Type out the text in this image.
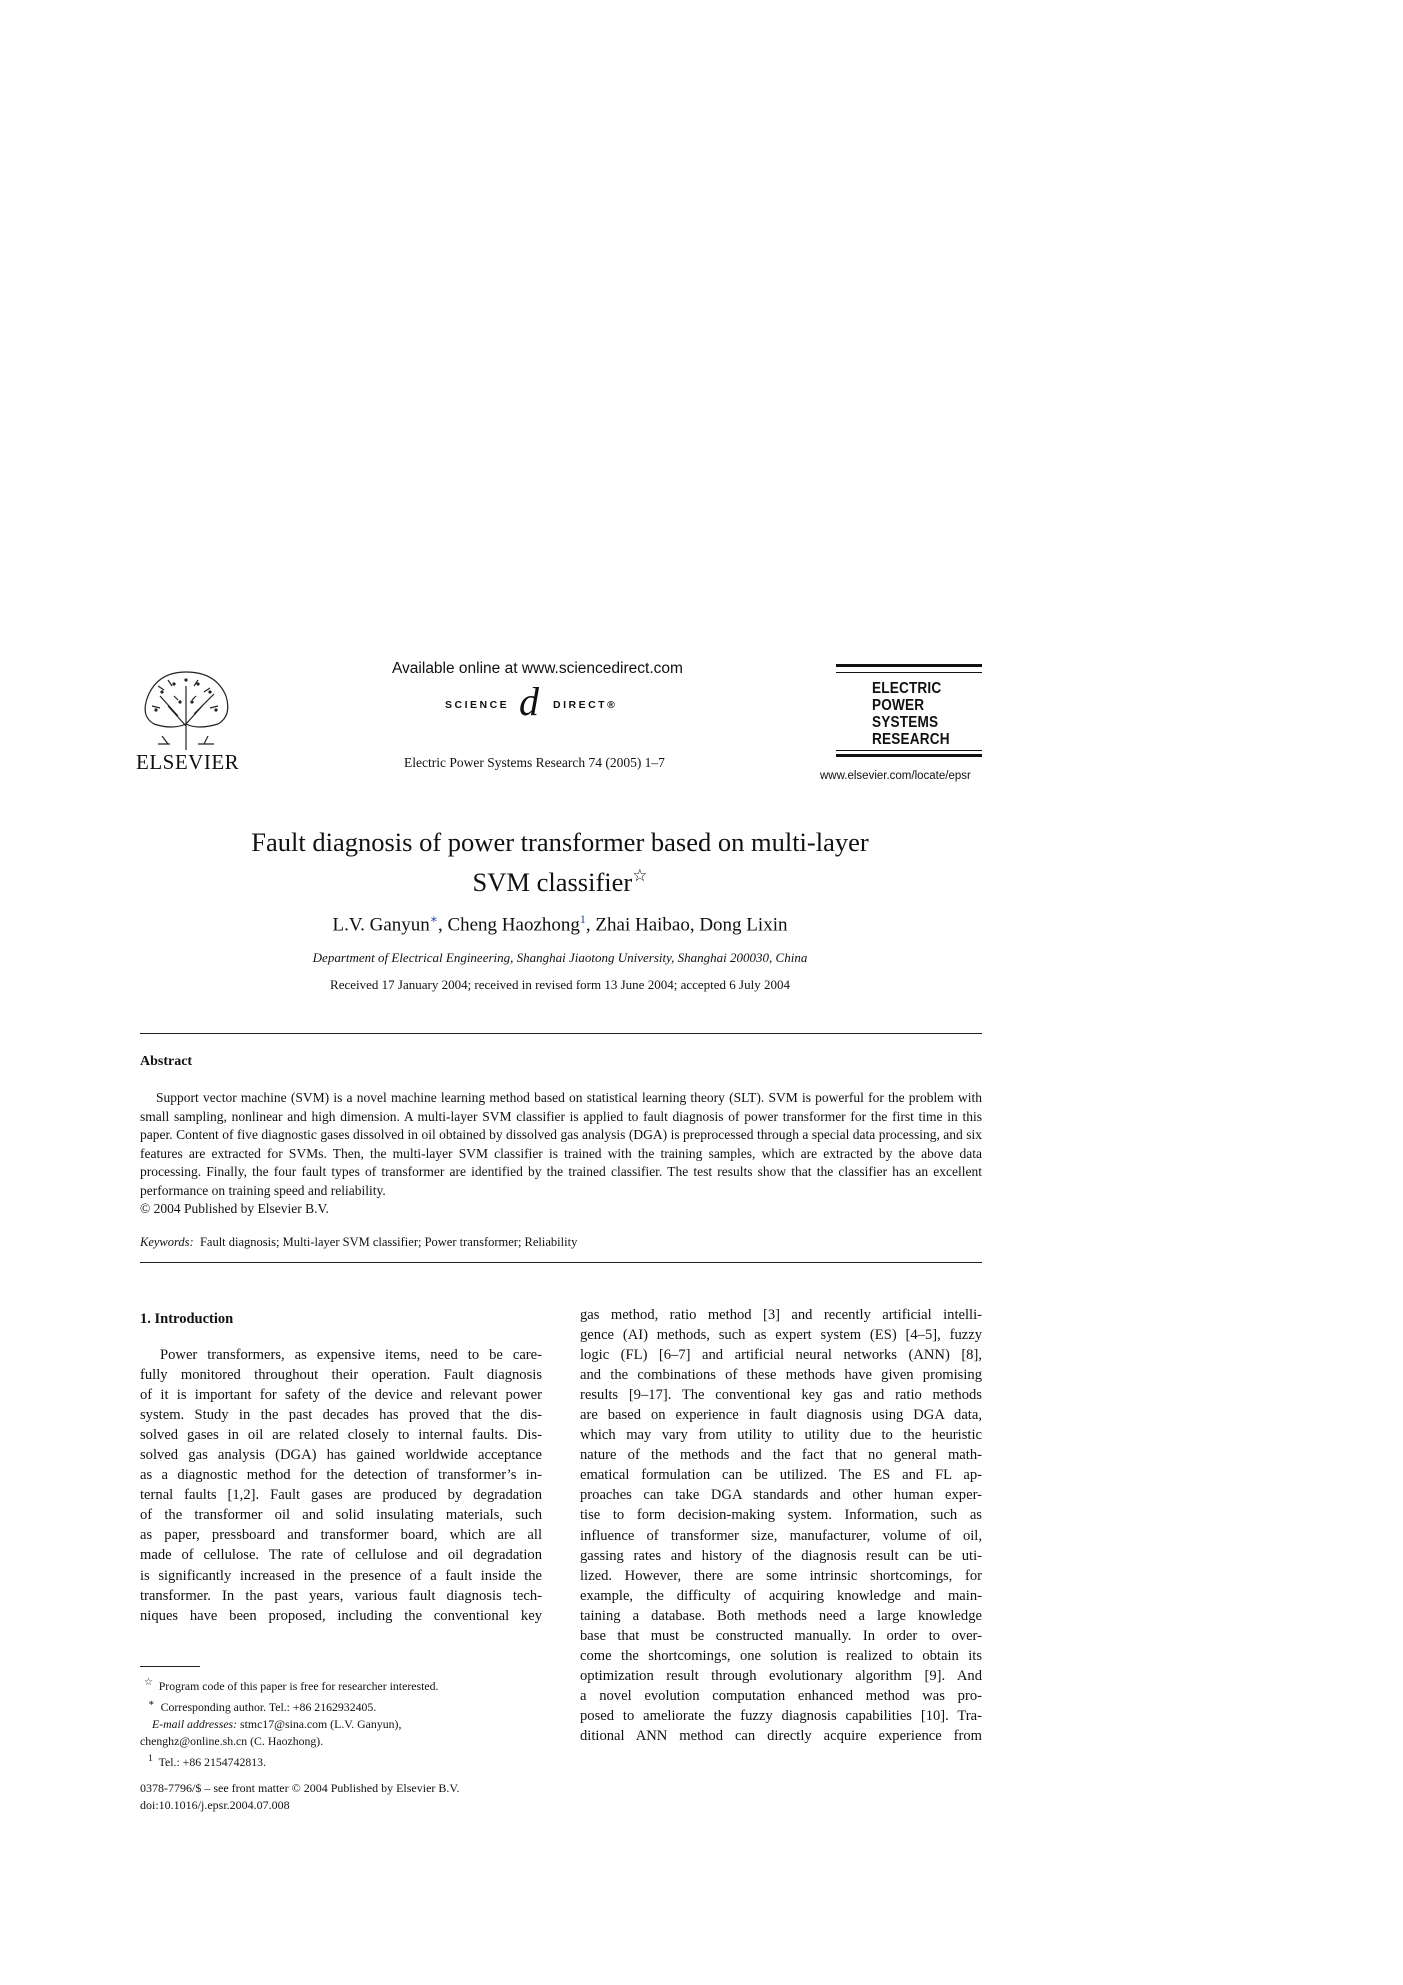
ELSEVIER
Available online at www.sciencedirect.com
SCIENCE d DIRECT®
Electric Power Systems Research 74 (2005) 1–7
ELECTRIC
POWER
SYSTEMS
RESEARCH
www.elsevier.com/locate/epsr
Fault diagnosis of power transformer based on multi-layer
SVM classifier☆
L.V. Ganyun∗, Cheng Haozhong$^1$, Zhai Haibao, Dong Lixin
Department of Electrical Engineering, Shanghai Jiaotong University, Shanghai 200030, China
Received 17 January 2004; received in revised form 13 June 2004; accepted 6 July 2004
Abstract

Support vector machine (SVM) is a novel machine learning method based on statistical learning theory (SLT). SVM is powerful for the problem with small sampling, nonlinear and high dimension. A multi-layer SVM classifier is applied to fault diagnosis of power transformer for the first time in this paper. Content of five diagnostic gases dissolved in oil obtained by dissolved gas analysis (DGA) is preprocessed through a special data processing, and six features are extracted for SVMs. Then, the multi-layer SVM classifier is trained with the training samples, which are extracted by the above data processing. Finally, the four fault types of transformer are identified by the trained classifier. The test results show that the classifier has an excellent performance on training speed and reliability.

© 2004 Published by Elsevier B.V.
Keywords: Fault diagnosis; Multi-layer SVM classifier; Power transformer; Reliability
1. Introduction
Power transformers, as expensive items, need to be care-
fully monitored throughout their operation. Fault diagnosis
of it is important for safety of the device and relevant power
system. Study in the past decades has proved that the dis-
solved gases in oil are related closely to internal faults. Dis-
solved gas analysis (DGA) has gained worldwide acceptance
as a diagnostic method for the detection of transformer’s in-
ternal faults [1,2]. Fault gases are produced by degradation
of the transformer oil and solid insulating materials, such
as paper, pressboard and transformer board, which are all
made of cellulose. The rate of cellulose and oil degradation
is significantly increased in the presence of a fault inside the
transformer. In the past years, various fault diagnosis tech-
niques have been proposed, including the conventional key
gas method, ratio method [3] and recently artificial intelli-
gence (AI) methods, such as expert system (ES) [4–5], fuzzy
logic (FL) [6–7] and artificial neural networks (ANN) [8],
and the combinations of these methods have given promising
results [9–17]. The conventional key gas and ratio methods
are based on experience in fault diagnosis using DGA data,
which may vary from utility to utility due to the heuristic
nature of the methods and the fact that no general math-
ematical formulation can be utilized. The ES and FL ap-
proaches can take DGA standards and other human exper-
tise to form decision-making system. Information, such as
influence of transformer size, manufacturer, volume of oil,
gassing rates and history of the diagnosis result can be uti-
lized. However, there are some intrinsic shortcomings, for
example, the difficulty of acquiring knowledge and main-
taining a database. Both methods need a large knowledge
base that must be constructed manually. In order to over-
come the shortcomings, one solution is realized to obtain its
optimization result through evolutionary algorithm [9]. And
a novel evolution computation enhanced method was pro-
posed to ameliorate the fuzzy diagnosis capabilities [10]. Tra-
ditional ANN method can directly acquire experience from
☆ Program code of this paper is free for researcher interested.
∗ Corresponding author. Tel.: +86 2162932405.
E-mail addresses: stmc17@sina.com (L.V. Ganyun),
chenghz@online.sh.cn (C. Haozhong).
$^1$ Tel.: +86 2154742813.
0378-7796/$ – see front matter © 2004 Published by Elsevier B.V.
doi:10.1016/j.epsr.2004.07.008
